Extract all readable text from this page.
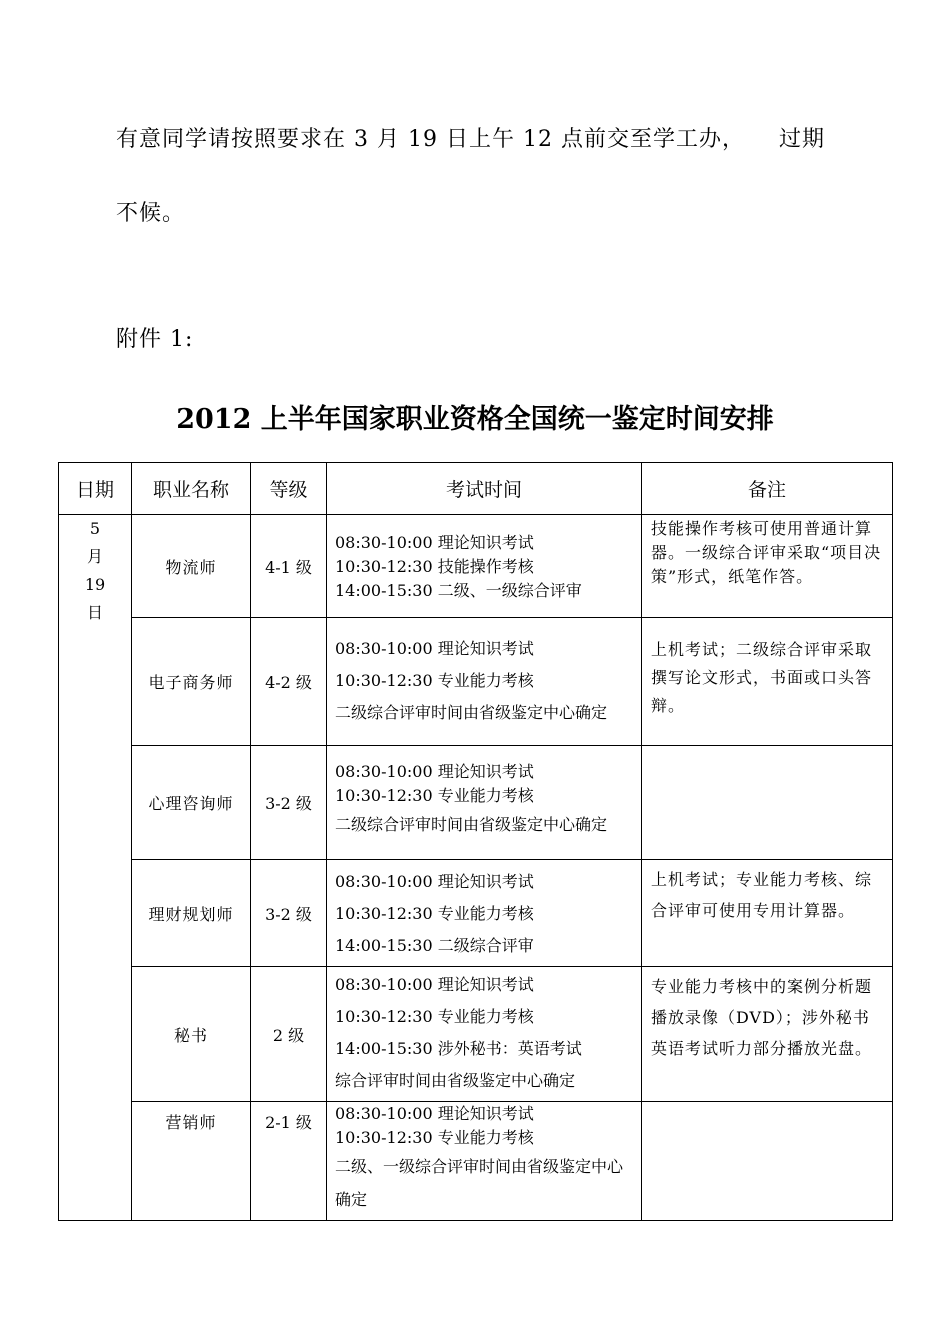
有意同学请按照要求在 3 月 19 日上午 12 点前交至学工办， 过期
不候。
附件 1:
2012 上半年国家职业资格全国统一鉴定时间安排
日期	职业名称	等级	考试时间	备注

5
月
19
日	物流师	4-1 级	08:30-10:00 理论知识考试
10:30-12:30 技能操作考核
14:00-15:30 二级、一级综合评审	技能操作考核可使用普通计算器。一级综合评审采取“项目决策”形式，纸笔作答。
	电子商务师	4-2 级	08:30-10:00 理论知识考试
10:30-12:30 专业能力考核
二级综合评审时间由省级鉴定中心确定	上机考试；二级综合评审采取撰写论文形式，书面或口头答辩。
	心理咨询师	3-2 级	08:30-10:00 理论知识考试
10:30-12:30 专业能力考核
二级综合评审时间由省级鉴定中心确定	

	理财规划师	3-2 级	08:30-10:00 理论知识考试
10:30-12:30 专业能力考核
14:00-15:30 二级综合评审	上机考试；专业能力考核、综合评审可使用专用计算器。
	秘书	2 级	08:30-10:00 理论知识考试
10:30-12:30 专业能力考核
14:00-15:30 涉外秘书：英语考试
综合评审时间由省级鉴定中心确定	专业能力考核中的案例分析题播放录像（DVD）；涉外秘书英语考试听力部分播放光盘。
	营销师	2-1 级	08:30-10:00 理论知识考试
10:30-12:30 专业能力考核
二级、一级综合评审时间由省级鉴定中心确定	
